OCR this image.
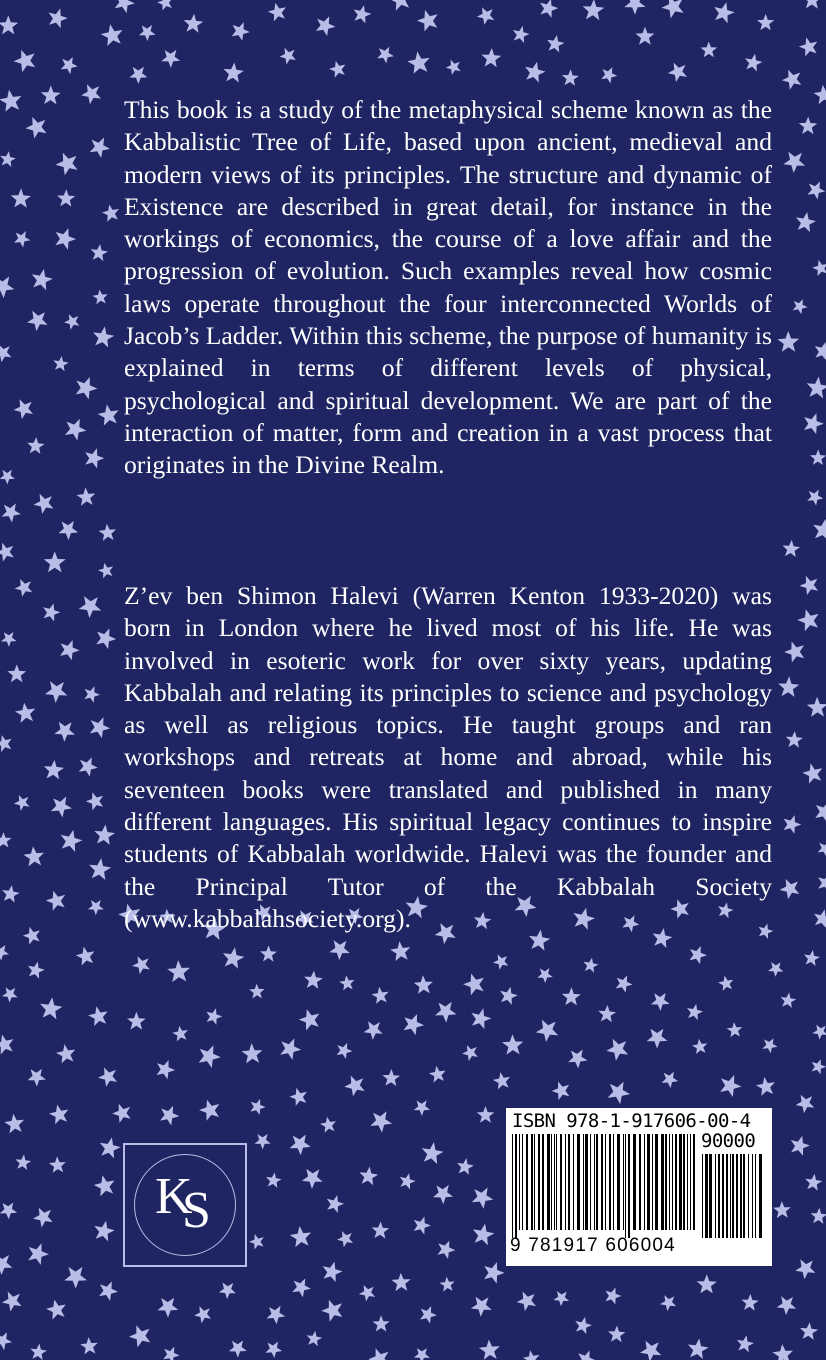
This book is a study of the metaphysical scheme known as the Kabbalistic Tree of Life, based upon ancient, medieval and modern views of its principles. The structure and dynamic of Existence are described in great detail, for instance in the workings of economics, the course of a love affair and the progression of evolution. Such examples reveal how cosmic laws operate throughout the four interconnected Worlds of Jacob’s Ladder. Within this scheme, the purpose of humanity is explained in terms of different levels of physical, psychological and spiritual development. We are part of the interaction of matter, form and creation in a vast process that originates in the Divine Realm.

Z’ev ben Shimon Halevi (Warren Kenton 1933-2020) was born in London where he lived most of his life. He was involved in esoteric work for over sixty years, updating Kabbalah and relating its principles to science and psychology as well as religious topics. He taught groups and ran workshops and retreats at home and abroad, while his seventeen books were translated and published in many different languages. His spiritual legacy continues to inspire students of Kabbalah worldwide. Halevi was the founder and the Principal Tutor of the Kabbalah Society (www.kabbalahsociety.org).

K
S
ISBN 978-1-917606-00-4
90000
9 781917 606004
